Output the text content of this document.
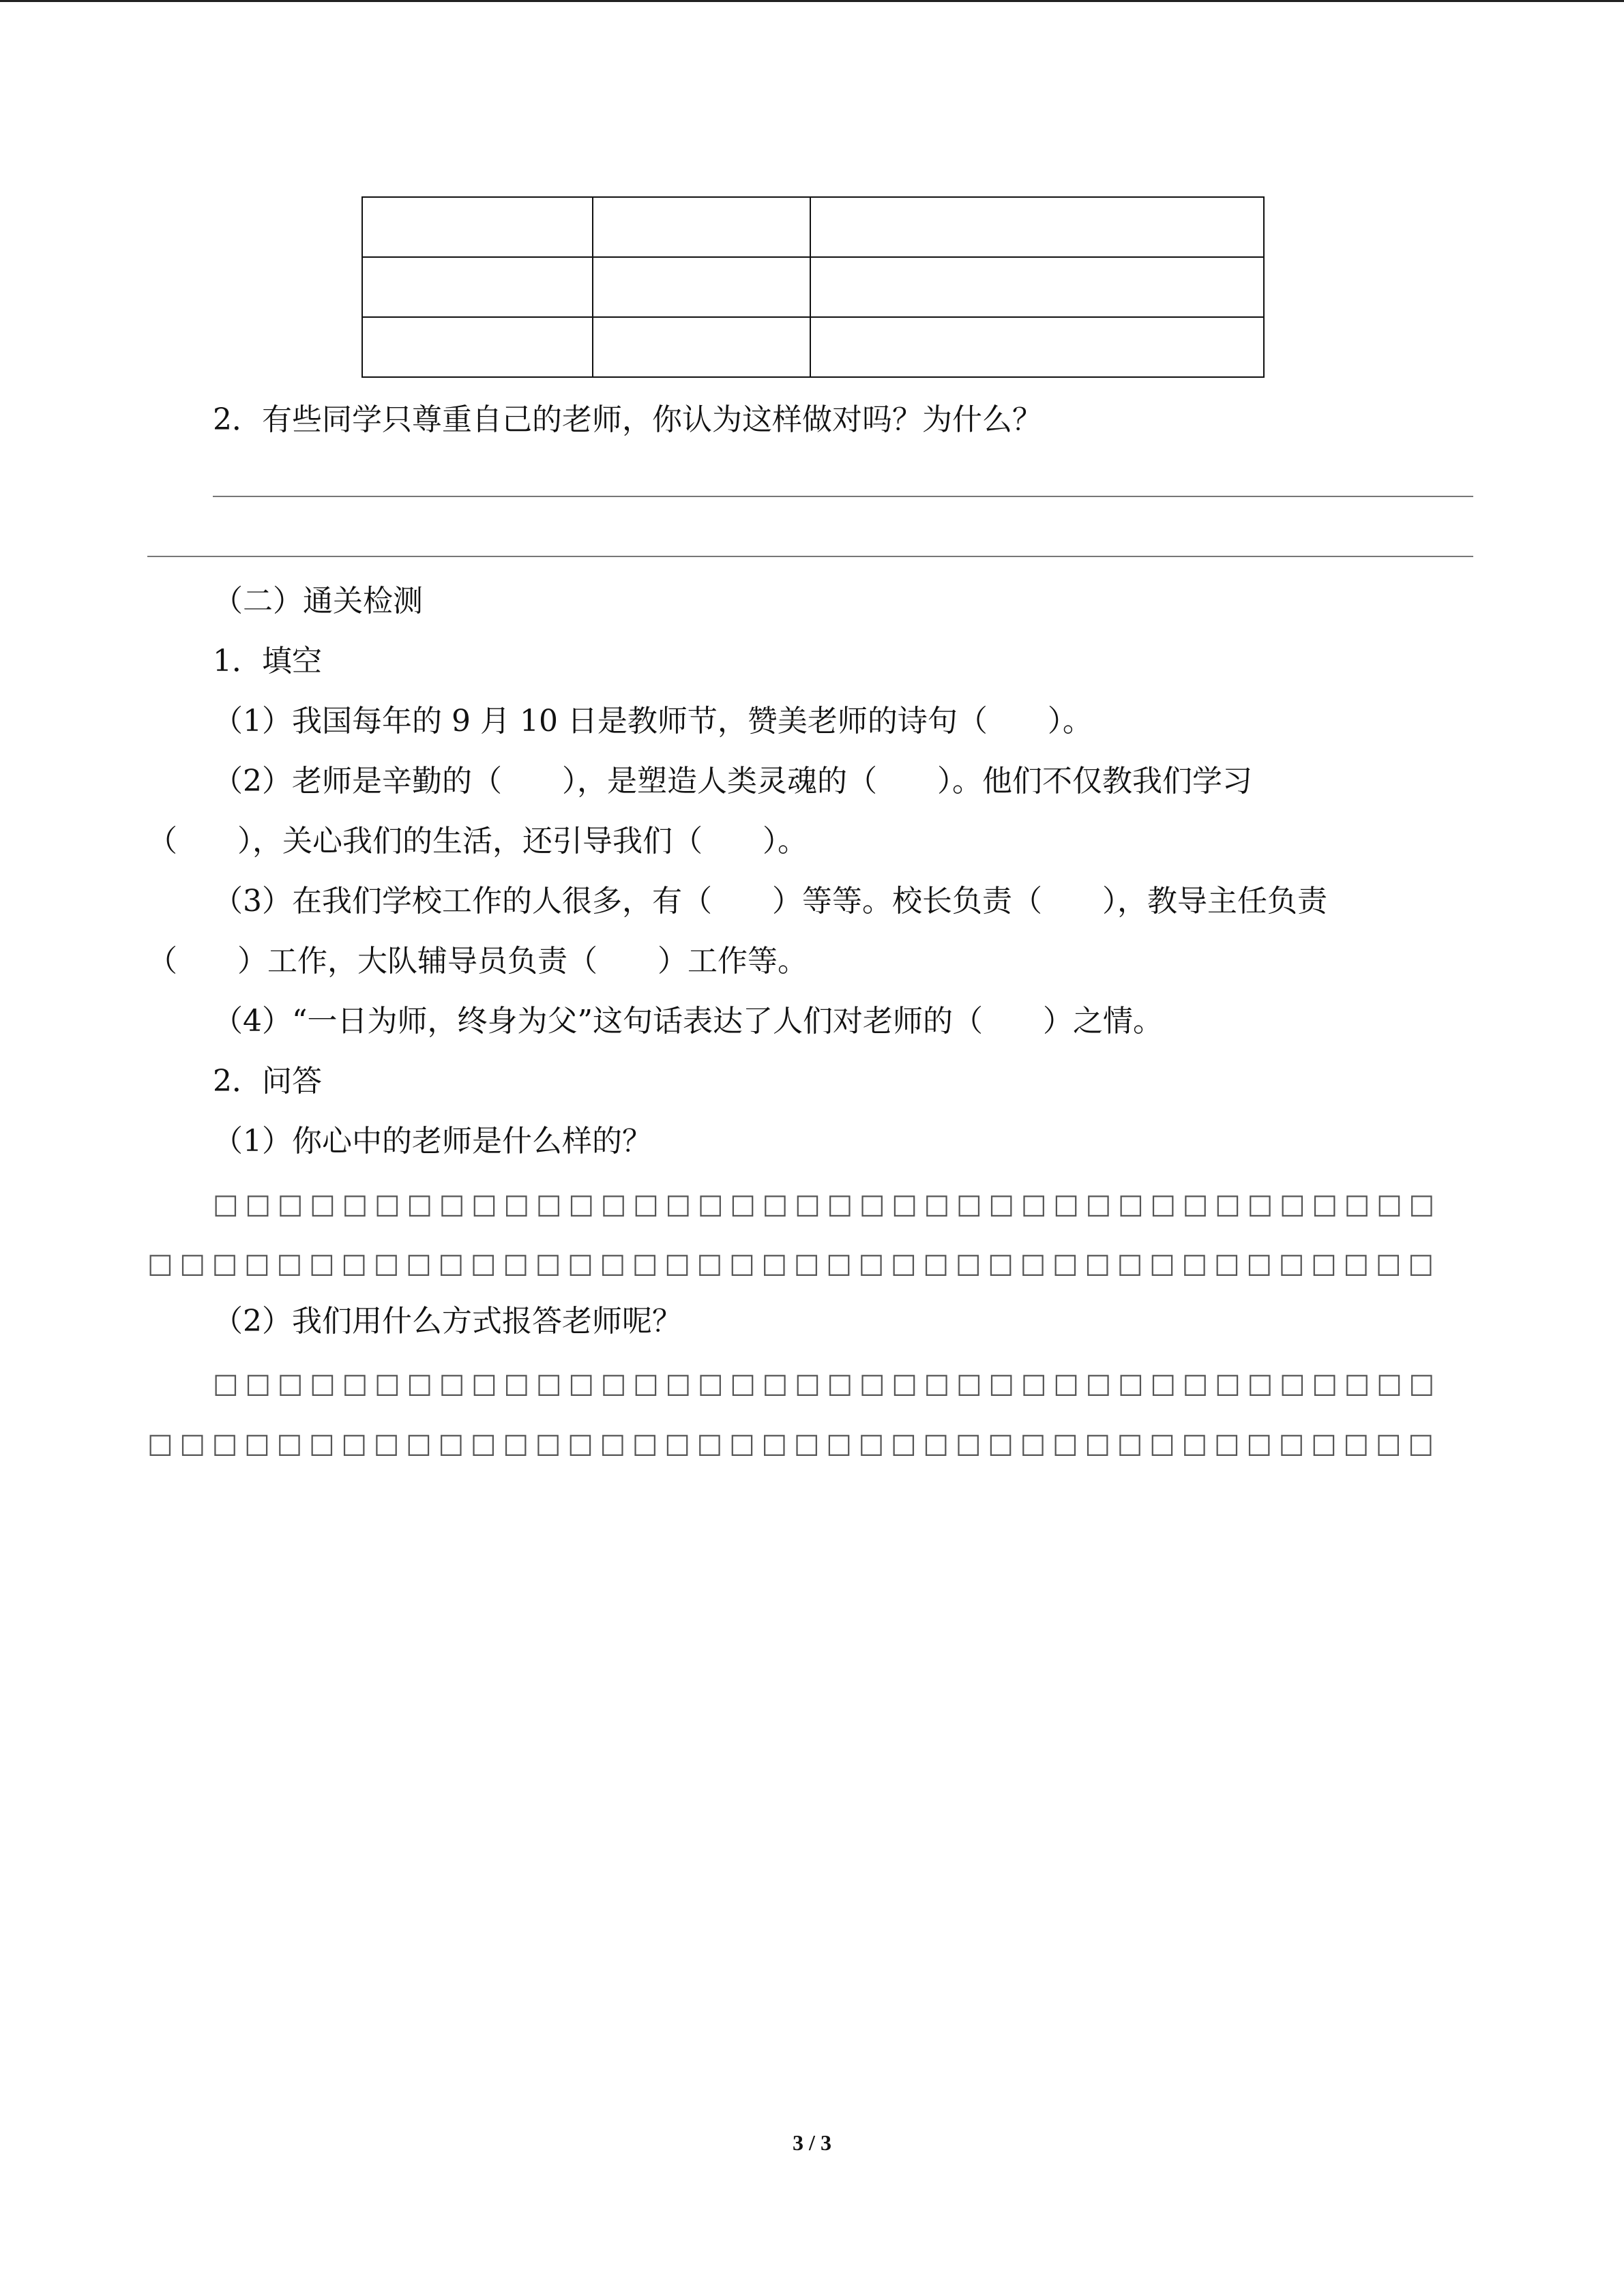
2．有些同学只尊重自己的老师，你认为这样做对吗？为什么？
（二）通关检测
1．填空
（1）我国每年的 9 月 10 日是教师节，赞美老师的诗句（　　）。
（2）老师是辛勤的（　　），是塑造人类灵魂的（　　）。他们不仅教我们学习
（　　），关心我们的生活，还引导我们（　　）。
（3）在我们学校工作的人很多，有（　　）等等。校长负责（　　），教导主任负责
（　　）工作，大队辅导员负责（　　）工作等。
（4）“一日为师，终身为父”这句话表达了人们对老师的（　　）之情。
2．问答
（1）你心中的老师是什么样的？
□□□□□□□□□□□□□□□□□□□□□□□□□□□□□□□□□□□□□□
□□□□□□□□□□□□□□□□□□□□□□□□□□□□□□□□□□□□□□□□
（2）我们用什么方式报答老师呢？
□□□□□□□□□□□□□□□□□□□□□□□□□□□□□□□□□□□□□□
□□□□□□□□□□□□□□□□□□□□□□□□□□□□□□□□□□□□□□□□
3 / 3
